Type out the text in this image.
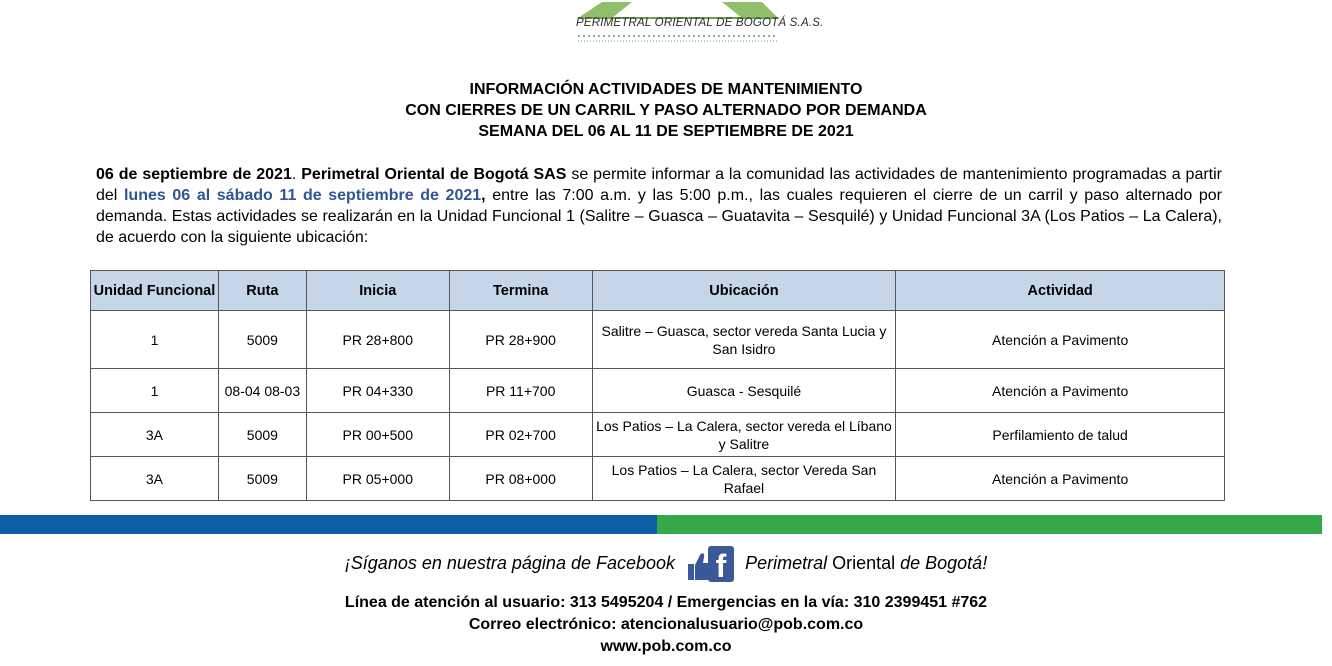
PERIMETRAL ORIENTAL DE BOGOTÁ S.A.S.
INFORMACIÓN ACTIVIDADES DE MANTENIMIENTO
CON CIERRES DE UN CARRIL Y PASO ALTERNADO POR DEMANDA
SEMANA DEL 06 AL 11 DE SEPTIEMBRE DE 2021

06 de septiembre de 2021. Perimetral Oriental de Bogotá SAS se permite informar a la comunidad las actividades de mantenimiento programadas a partir del lunes 06 al sábado 11 de septiembre de 2021, entre las 7:00 a.m. y las 5:00 p.m., las cuales requieren el cierre de un carril y paso alternado por demanda. Estas actividades se realizarán en la Unidad Funcional 1 (Salitre – Guasca – Guatavita – Sesquilé) y Unidad Funcional 3A (Los Patios – La Calera), de acuerdo con la siguiente ubicación:

Unidad Funcional	Ruta	Inicia	Termina	Ubicación	Actividad
1	5009	PR 28+800	PR 28+900	Salitre – Guasca, sector vereda Santa Lucia y San Isidro	Atención a Pavimento
1	08-04 08-03	PR 04+330	PR 11+700	Guasca - Sesquilé	Atención a Pavimento
3A	5009	PR 00+500	PR 02+700	Los Patios – La Calera, sector vereda el Líbano y Salitre	Perfilamiento de talud
3A	5009	PR 05+000	PR 08+000	Los Patios – La Calera, sector Vereda San Rafael	Atención a Pavimento
¡Síganos en nuestra página de Facebook f Perimetral Oriental de Bogotá!
Línea de atención al usuario: 313 5495204 / Emergencias en la vía: 310 2399451 #762
Correo electrónico: atencionalusuario@pob.com.co
www.pob.com.co
